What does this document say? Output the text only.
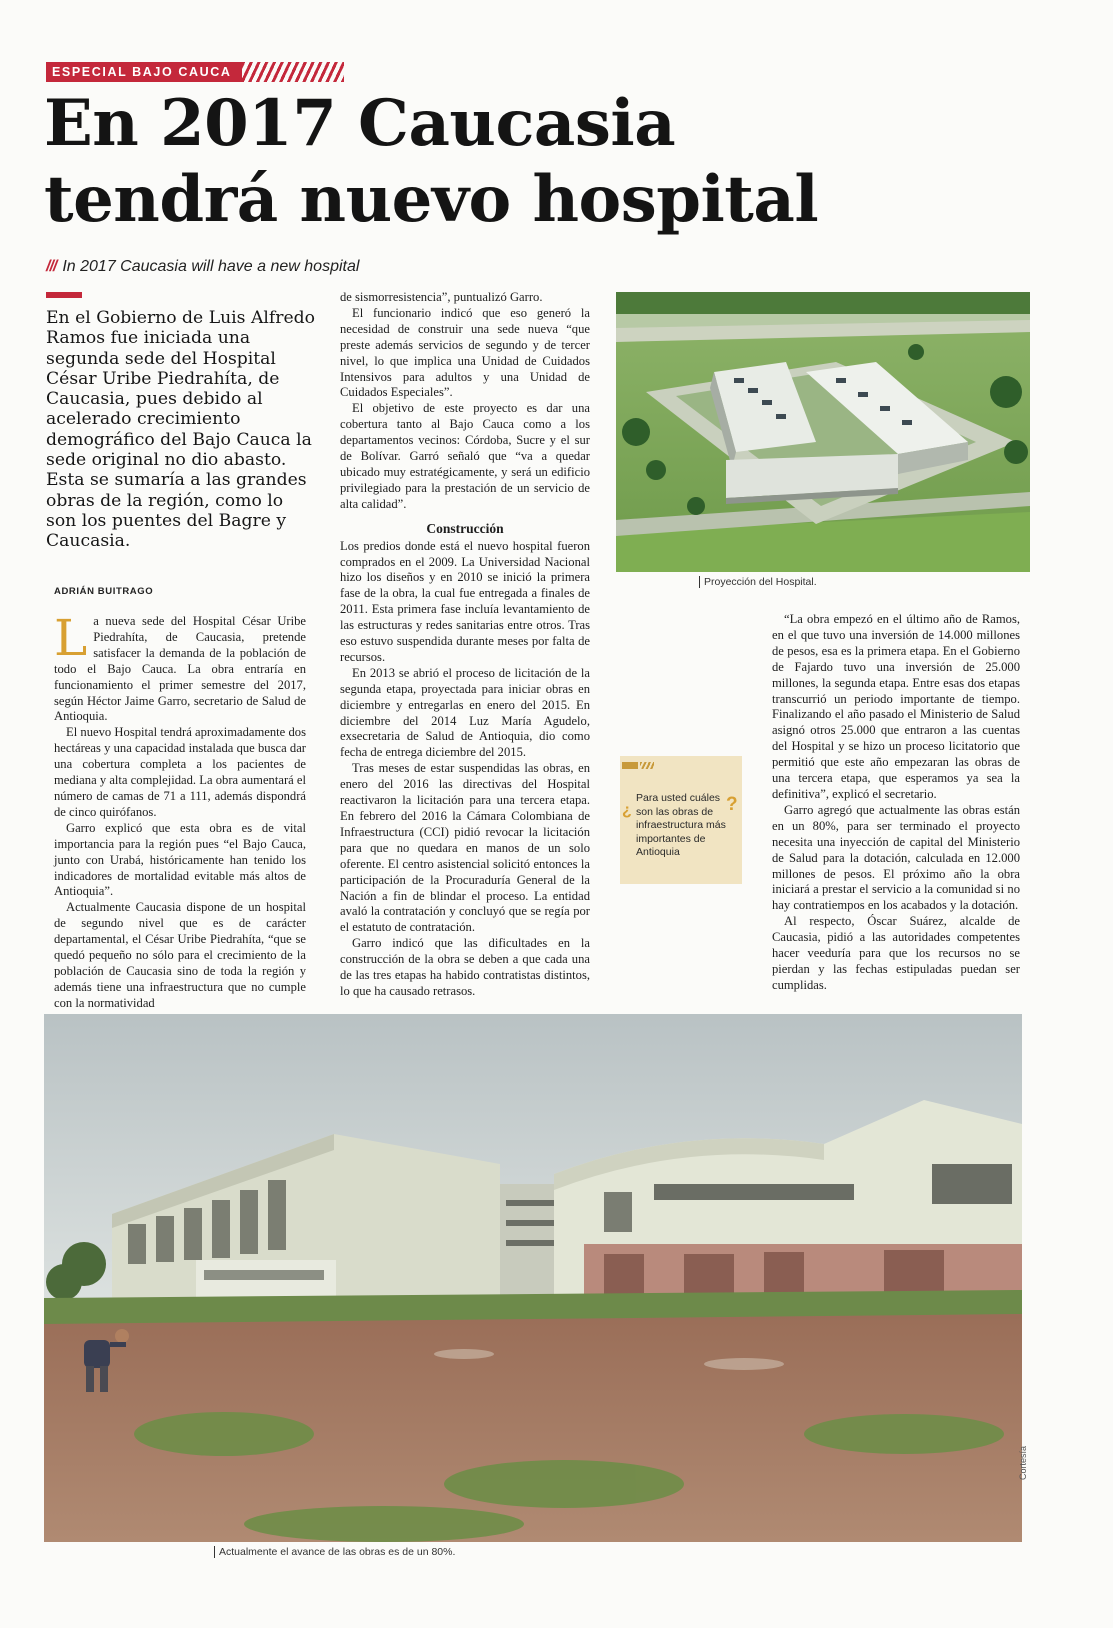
ESPECIAL BAJO CAUCA
En 2017 Caucasia
tendrá nuevo hospital
/// In 2017 Caucasia will have a new hospital

En el Gobierno de Luis Alfredo Ramos fue iniciada una segunda sede del Hospital César Uribe Piedrahíta, de Caucasia, pues debido al acelerado crecimiento demográfico del Bajo Cauca la sede original no dio abasto. Esta se sumaría a las grandes obras de la región, como lo son los puentes del Bagre y Caucasia.

ADRIÁN BUITRAGO

La nueva sede del Hospital César Uribe Piedrahíta, de Caucasia, pretende satisfacer la demanda de la población de todo el Bajo Cauca. La obra entraría en funcionamiento el primer semestre del 2017, según Héctor Jaime Garro, secretario de Salud de Antioquia.

El nuevo Hospital tendrá aproximadamente dos hectáreas y una capacidad instalada que busca dar una cobertura completa a los pacientes de mediana y alta complejidad. La obra aumentará el número de camas de 71 a 111, además dispondrá de cinco quirófanos.

Garro explicó que esta obra es de vital importancia para la región pues “el Bajo Cauca, junto con Urabá, históricamente han tenido los indicadores de mortalidad evitable más altos de Antioquia”.

Actualmente Caucasia dispone de un hospital de segundo nivel que es de carácter departamental, el César Uribe Piedrahíta, “que se quedó pequeño no sólo para el crecimiento de la población de Caucasia sino de toda la región y además tiene una infraestructura que no cumple con la normatividad

de sismorresistencia”, puntualizó Garro.

El funcionario indicó que eso generó la necesidad de construir una sede nueva “que preste además servicios de segundo y de tercer nivel, lo que implica una Unidad de Cuidados Intensivos para adultos y una Unidad de Cuidados Especiales”.

El objetivo de este proyecto es dar una cobertura tanto al Bajo Cauca como a los departamentos vecinos: Córdoba, Sucre y el sur de Bolívar. Garró señaló que “va a quedar ubicado muy estratégicamente, y será un edificio privilegiado para la prestación de un servicio de alta calidad”.

Construcción

Los predios donde está el nuevo hospital fueron comprados en el 2009. La Universidad Nacional hizo los diseños y en 2010 se inició la primera fase de la obra, la cual fue entregada a finales de 2011. Esta primera fase incluía levantamiento de las estructuras y redes sanitarias entre otros. Tras eso estuvo suspendida durante meses por falta de recursos.

En 2013 se abrió el proceso de licitación de la segunda etapa, proyectada para iniciar obras en diciembre y entregarlas en enero del 2015. En diciembre del 2014 Luz María Agudelo, exsecretaria de Salud de Antioquia, dio como fecha de entrega diciembre del 2015.

Tras meses de estar suspendidas las obras, en enero del 2016 las directivas del Hospital reactivaron la licitación para una tercera etapa. En febrero del 2016 la Cámara Colombiana de Infraestructura (CCI) pidió revocar la licitación para que no quedara en manos de un solo oferente. El centro asistencial solicitó entonces la participación de la Procuraduría General de la Nación a fin de blindar el proceso. La entidad avaló la contratación y concluyó que se regía por el estatuto de contratación.

Garro indicó que las dificultades en la construcción de la obra se deben a que cada una de las tres etapas ha habido contratistas distintos, lo que ha causado retrasos.

Proyección del Hospital.
¿
Para usted cuáles son las obras de infraestructura más importantes de Antioquia
?

“La obra empezó en el último año de Ramos, en el que tuvo una inversión de 14.000 millones de pesos, esa es la primera etapa. En el Gobierno de Fajardo tuvo una inversión de 25.000 millones, la segunda etapa. Entre esas dos etapas transcurrió un periodo importante de tiempo. Finalizando el año pasado el Ministerio de Salud asignó otros 25.000 que entraron a las cuentas del Hospital y se hizo un proceso licitatorio que permitió que este año empezaran las obras de una tercera etapa, que esperamos ya sea la definitiva”, explicó el secretario.

Garro agregó que actualmente las obras están en un 80%, para ser terminado el proyecto necesita una inyección de capital del Ministerio de Salud para la dotación, calculada en 12.000 millones de pesos. El próximo año la obra iniciará a prestar el servicio a la comunidad si no hay contratiempos en los acabados y la dotación.

Al respecto, Óscar Suárez, alcalde de Caucasia, pidió a las autoridades competentes hacer veeduría para que los recursos no se pierdan y las fechas estipuladas puedan ser cumplidas.

Actualmente el avance de las obras es de un 80%.
Cortesía
